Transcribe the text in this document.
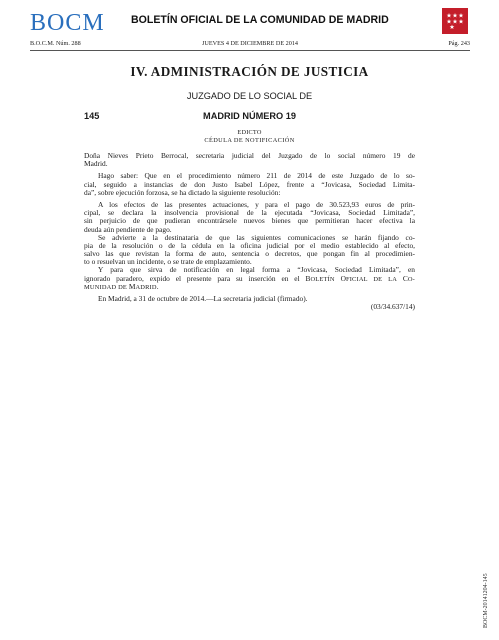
BOCM BOLETÍN OFICIAL DE LA COMUNIDAD DE MADRID
B.O.C.M. Núm. 288	JUEVES 4 DE DICIEMBRE DE 2014	Pág. 243
IV. ADMINISTRACIÓN DE JUSTICIA
JUZGADO DE LO SOCIAL DE
145	MADRID NÚMERO 19
EDICTO
CÉDULA DE NOTIFICACIÓN
Doña Nieves Prieto Berrocal, secretaria judicial del Juzgado de lo social número 19 de
Madrid.
Hago saber: Que en el procedimiento número 211 de 2014 de este Juzgado de lo so-
cial, seguido a instancias de don Justo Isabel López, frente a “Jovicasa, Sociedad Limita-
da”, sobre ejecución forzosa, se ha dictado la siguiente resolución:
A los efectos de las presentes actuaciones, y para el pago de 30.523,93 euros de prin-
cipal, se declara la insolvencia provisional de la ejecutada “Jovicasa, Sociedad Limitada”,
sin perjuicio de que pudieran encontrársele nuevos bienes que permitieran hacer efectiva la
deuda aún pendiente de pago.
Se advierte a la destinataria de que las siguientes comunicaciones se harán fijando co-
pia de la resolución o de la cédula en la oficina judicial por el medio establecido al efecto,
salvo las que revistan la forma de auto, sentencia o decretos, que pongan fin al procedimien-
to o resuelvan un incidente, o se trate de emplazamiento.
Y para que sirva de notificación en legal forma a “Jovicasa, Sociedad Limitada”, en
ignorado paradero, expido el presente para su inserción en el BOLETÍN OFICIAL DE LA CO-
MUNIDAD DE MADRID.
En Madrid, a 31 de octubre de 2014.—La secretaria judicial (firmado).
(03/34.637/14)
BOCM-20141204-145
